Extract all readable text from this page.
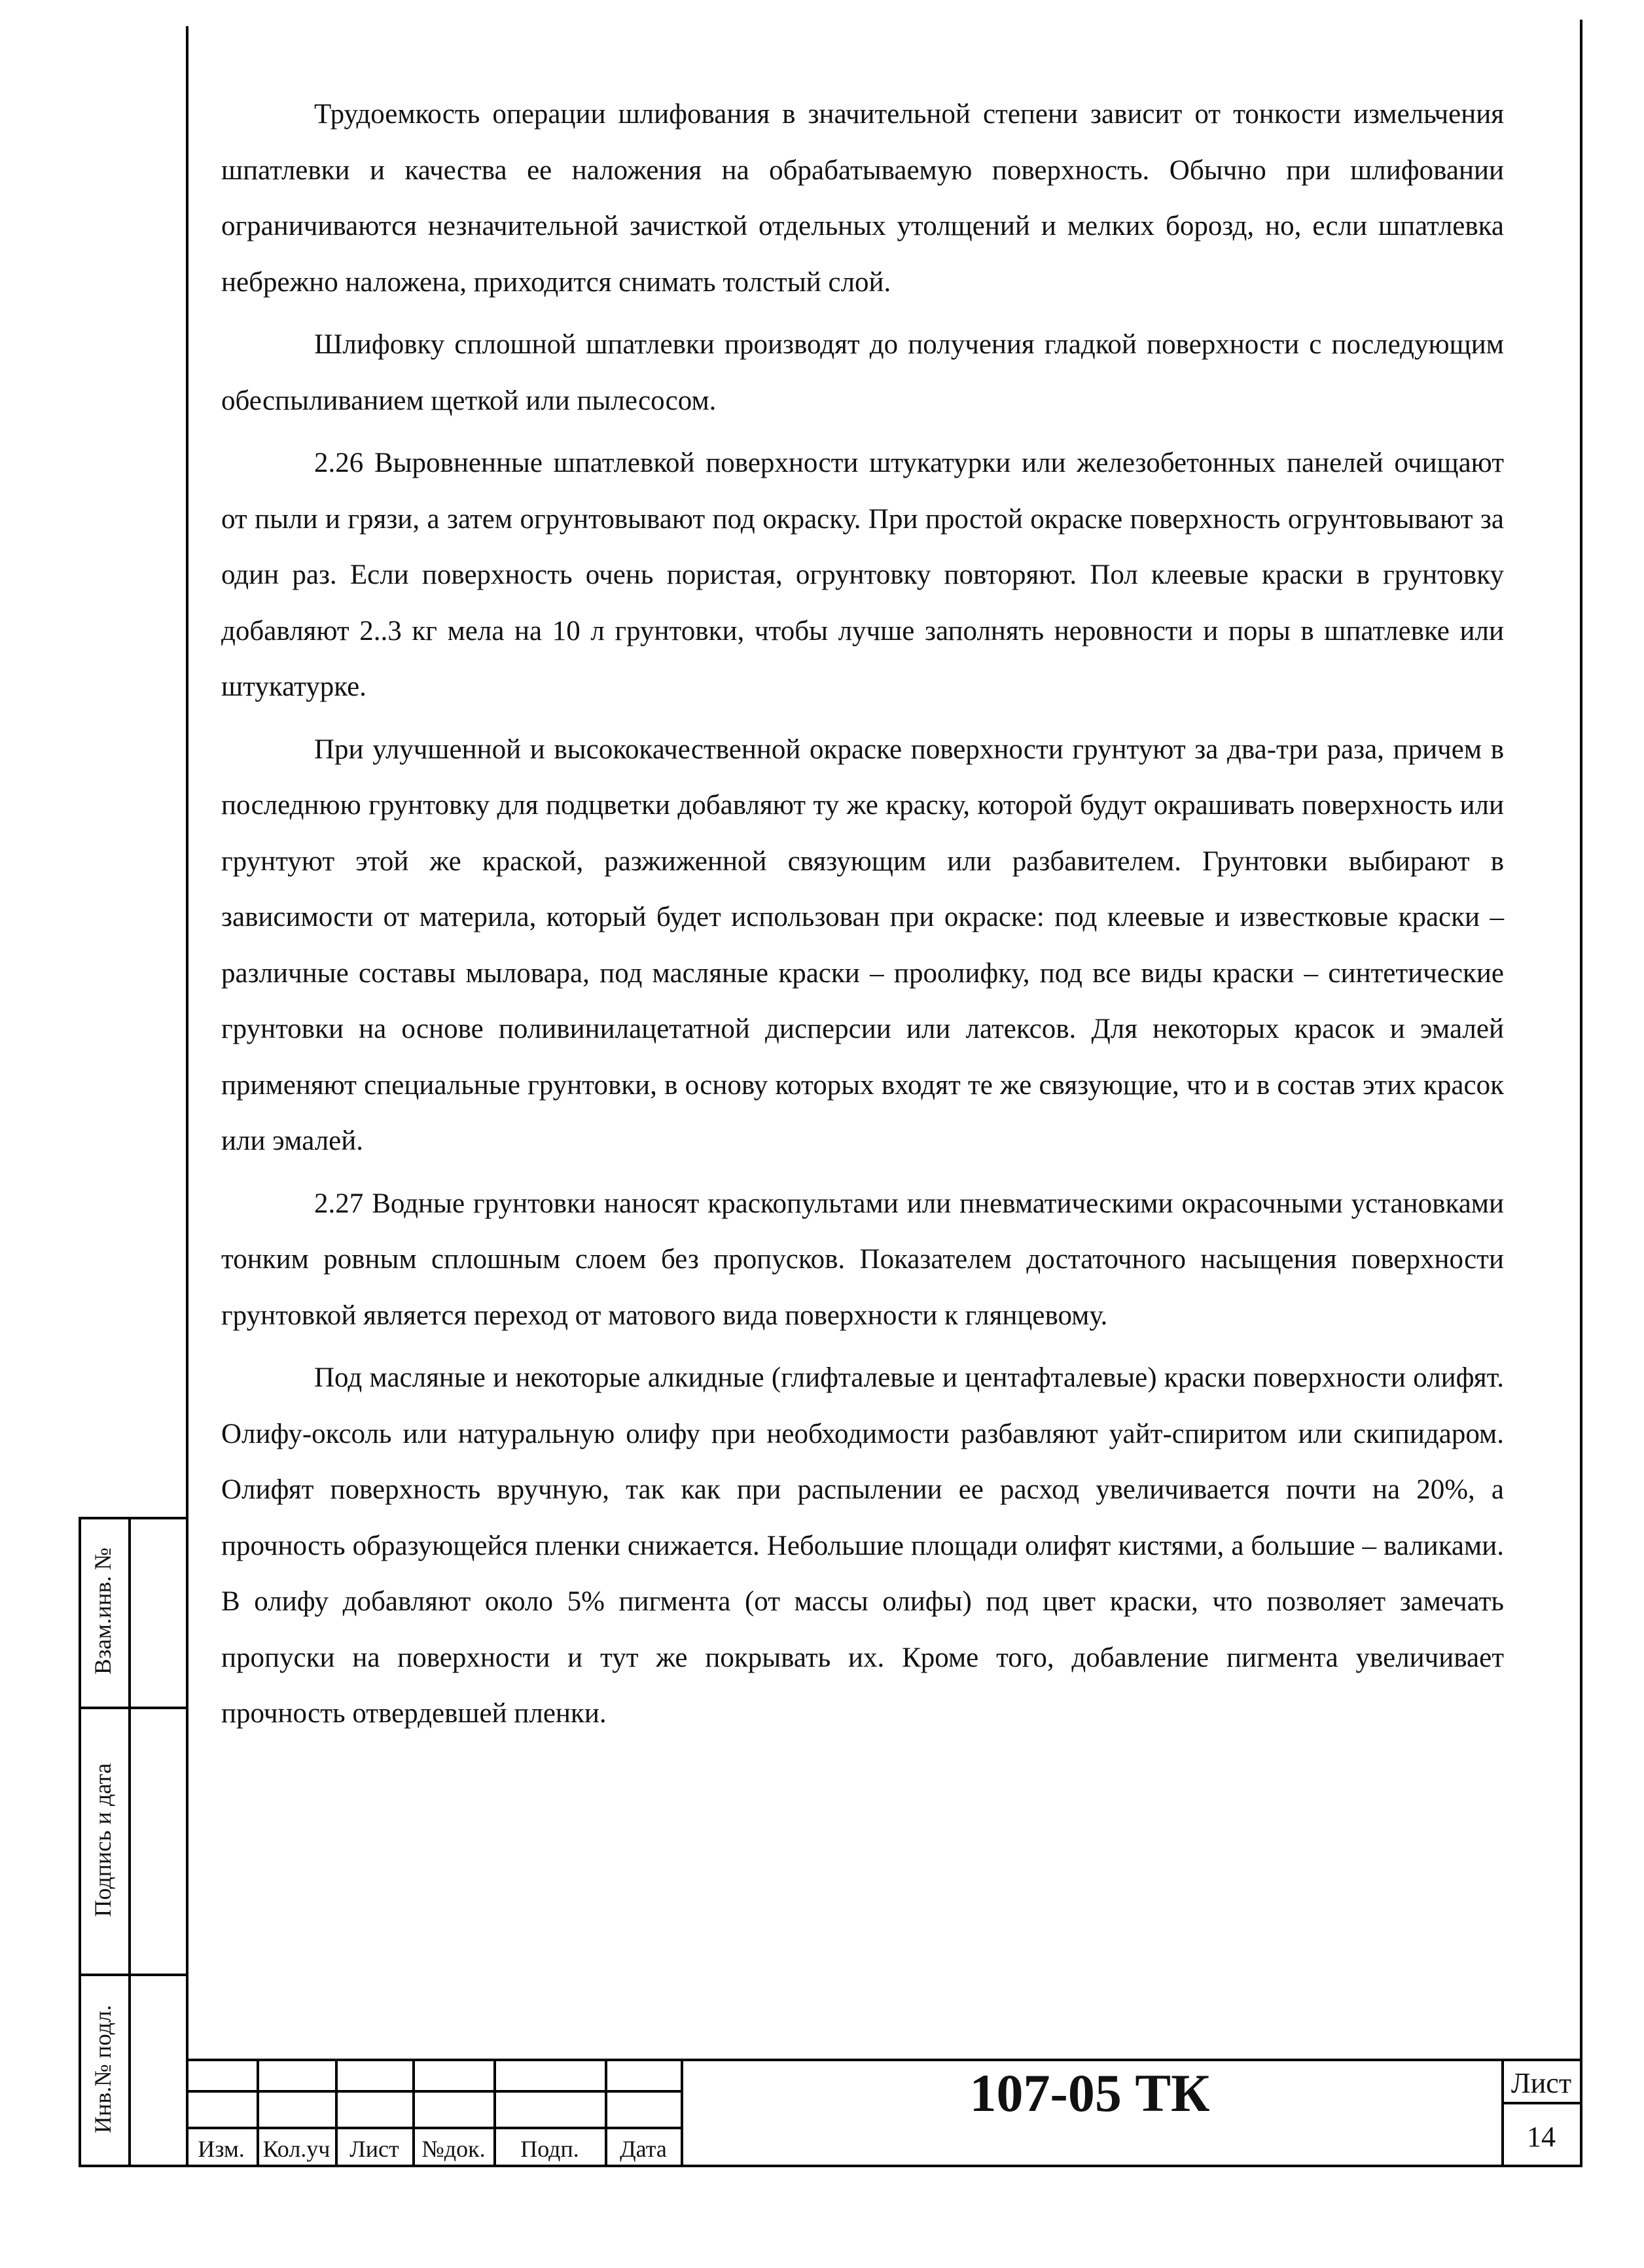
Трудоемкость операции шлифования в значительной степени зависит от тонкости измельчения шпатлевки и качества ее наложения на обрабатываемую поверхность. Обычно при шлифовании ограничиваются незначительной зачисткой отдельных утолщений и мелких борозд, но, если шпатлевка небрежно наложена, приходится снимать толстый слой.

Шлифовку сплошной шпатлевки производят до получения гладкой поверхности с последующим обеспыливанием щеткой или пылесосом.

2.26 Выровненные шпатлевкой поверхности штукатурки или железобетонных панелей очищают от пыли и грязи, а затем огрунтовывают под окраску. При простой окраске поверхность огрунтовывают за один раз. Если поверхность очень пористая, огрунтовку повторяют. Пол клеевые краски в грунтовку добавляют 2..3 кг мела на 10 л грунтовки, чтобы лучше заполнять неровности и поры в шпатлевке или штукатурке.

При улучшенной и высококачественной окраске поверхности грунтуют за два-три раза, причем в последнюю грунтовку для подцветки добавляют ту же краску, которой будут окрашивать поверхность или грунтуют этой же краской, разжиженной связующим или разбавителем. Грунтовки выбирают в зависимости от материла, который будет использован при окраске: под клеевые и известковые краски – различные составы мыловара, под масляные краски – проолифку, под все виды краски – синтетические грунтовки на основе поливинилацетатной дисперсии или латексов. Для некоторых красок и эмалей применяют специальные грунтовки, в основу которых входят те же связующие, что и в состав этих красок или эмалей.

2.27 Водные грунтовки наносят краскопультами или пневматическими окрасочными установками тонким ровным сплошным слоем без пропусков. Показателем достаточного насыщения поверхности грунтовкой является переход от матового вида поверхности к глянцевому.

Под масляные и некоторые алкидные (глифталевые и центафталевые) краски поверхности олифят. Олифу-оксоль или натуральную олифу при необходимости разбавляют уайт-спиритом или скипидаром. Олифят поверхность вручную, так как при распылении ее расход увеличивается почти на 20%, а прочность образующейся пленки снижается. Небольшие площади олифят кистями, а большие – валиками. В олифу добавляют около 5% пигмента (от массы олифы) под цвет краски, что позволяет замечать пропуски на поверхности и тут же покрывать их. Кроме того, добавление пигмента увеличивает прочность отвердевшей пленки.

Взам.инв. №
Подпись и дата
Инв.№ подл.
Изм. Кол.уч Лист №док.	Подп.	Дата
107-05 ТК	Лист
14
